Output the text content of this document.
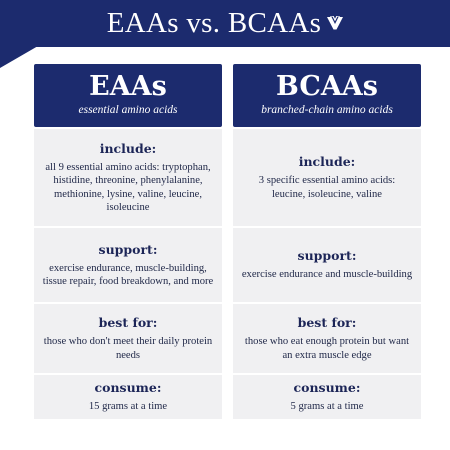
EAAs vs. BCAAs
EAAs
essential amino acids
include:
all 9 essential amino acids: tryptophan, histidine, threonine, phenylalanine, methionine, lysine, valine, leucine, isoleucine
support:
exercise endurance, muscle-building, tissue repair, food breakdown, and more
best for:
those who don't meet their daily protein needs
consume:
15 grams at a time
BCAAs
branched-chain amino acids
include:
3 specific essential amino acids: leucine, isoleucine, valine
support:
exercise endurance and muscle-building
best for:
those who eat enough protein but want an extra muscle edge
consume:
5 grams at a time
